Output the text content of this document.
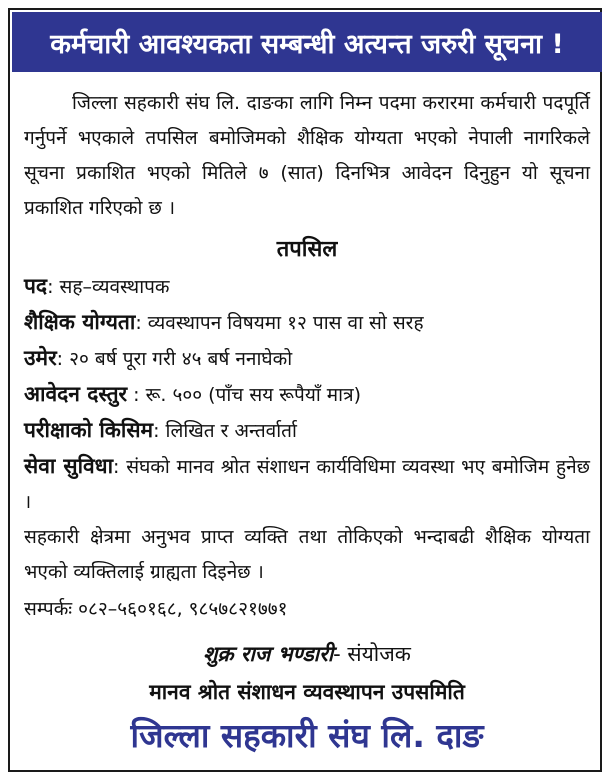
कर्मचारी आवश्यकता सम्बन्धी अत्यन्त जरुरी सूचना !

जिल्ला सहकारी संघ लि. दाङका लागि निम्न पदमा करारमा कर्मचारी पदपूर्ति गर्नुपर्ने भएकाले तपसिल बमोजिमको शैक्षिक योग्यता भएको नेपाली नागरिकले सूचना प्रकाशित भएको मितिले ७ (सात) दिनभित्र आवेदन दिनुहुन यो सूचना प्रकाशित गरिएको छ ।

तपसिल

पद: सह–व्यवस्थापक

शैक्षिक योग्यता: व्यवस्थापन विषयमा १२ पास वा सो सरह

उमेर: २० बर्ष पूरा गरी ४५ बर्ष ननाघेको

आवेदन दस्तुर : रू. ५०० (पाँच सय रूपैयाँ मात्र)

परीक्षाको किसिम: लिखित र अन्तर्वार्ता

सेवा सुविधा: संघको मानव श्रोत संशाधन कार्यविधिमा व्यवस्था भए बमोजिम हुनेछ ।

सहकारी क्षेत्रमा अनुभव प्राप्त व्यक्ति तथा तोकिएको भन्दाबढी शैक्षिक योग्यता भएको व्यक्तिलाई ग्राह्यता दिइनेछ ।

सम्पर्कः ०८२–५६०१६८, ९८५७८२१७७१

शुक्र राज भण्डारी- संयोजक
मानव श्रोत संशाधन व्यवस्थापन उपसमिति
जिल्ला सहकारी संघ लि. दाङ
